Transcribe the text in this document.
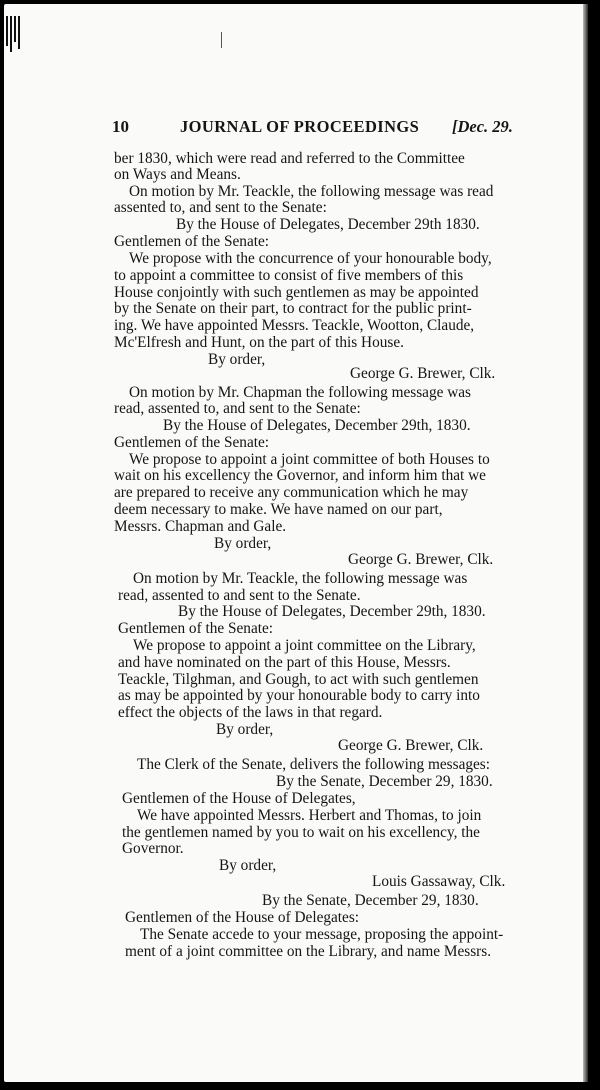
10	JOURNAL OF PROCEEDINGS [Dec. 29.
ber 1830, which were read and referred to the Committee
on Ways and Means.
On motion by Mr. Teackle, the following message was read
assented to, and sent to the Senate:
By the House of Delegates, December 29th 1830.
Gentlemen of the Senate:
We propose with the concurrence of your honourable body,
to appoint a committee to consist of five members of this
House conjointly with such gentlemen as may be appointed
by the Senate on their part, to contract for the public print-
ing. We have appointed Messrs. Teackle, Wootton, Claude,
Mc'Elfresh and Hunt, on the part of this House.
By order,
George G. Brewer, Clk.
On motion by Mr. Chapman the following message was
read, assented to, and sent to the Senate:
By the House of Delegates, December 29th, 1830.
Gentlemen of the Senate:
We propose to appoint a joint committee of both Houses to
wait on his excellency the Governor, and inform him that we
are prepared to receive any communication which he may
deem necessary to make. We have named on our part,
Messrs. Chapman and Gale.
By order,
George G. Brewer, Clk.
On motion by Mr. Teackle, the following message was
read, assented to and sent to the Senate.
By the House of Delegates, December 29th, 1830.
Gentlemen of the Senate:
We propose to appoint a joint committee on the Library,
and have nominated on the part of this House, Messrs.
Teackle, Tilghman, and Gough, to act with such gentlemen
as may be appointed by your honourable body to carry into
effect the objects of the laws in that regard.
By order,
George G. Brewer, Clk.
The Clerk of the Senate, delivers the following messages:
By the Senate, December 29, 1830.
Gentlemen of the House of Delegates,
We have appointed Messrs. Herbert and Thomas, to join
the gentlemen named by you to wait on his excellency, the
Governor.
By order,
Louis Gassaway, Clk.
By the Senate, December 29, 1830.
Gentlemen of the House of Delegates:
The Senate accede to your message, proposing the appoint-
ment of a joint committee on the Library, and name Messrs.
